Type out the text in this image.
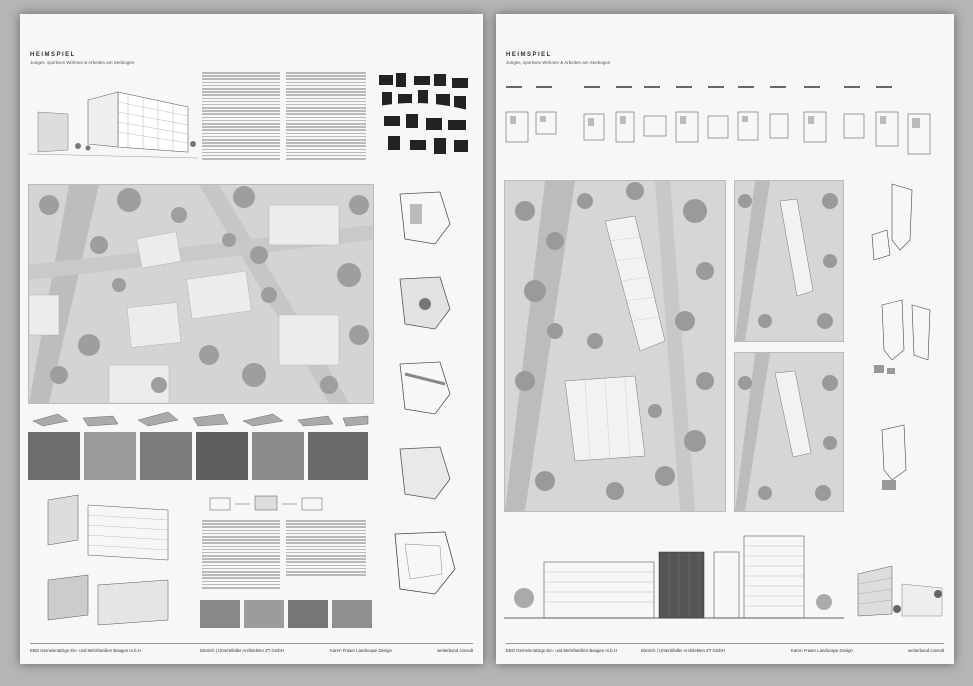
HEIMSPIEL
Junges, sportives Wohnen & Arbeiten am Seebogen
EBG Gemeinnützige Ein- und Mehrfamilien Baugen m.b.H	Dietrich | Untertrifaller Architekten ZT GmbH	Karen Fraser Landscape Design	weiterbund consult
HEIMSPIEL
Junges, sportives Wohnen & Arbeiten am Seebogen
EBG Gemeinnützige Ein- und Mehrfamilien Baugen m.b.H	Dietrich | Untertrifaller Architekten ZT GmbH	Karen Fraser Landscape Design	weiterbund consult
